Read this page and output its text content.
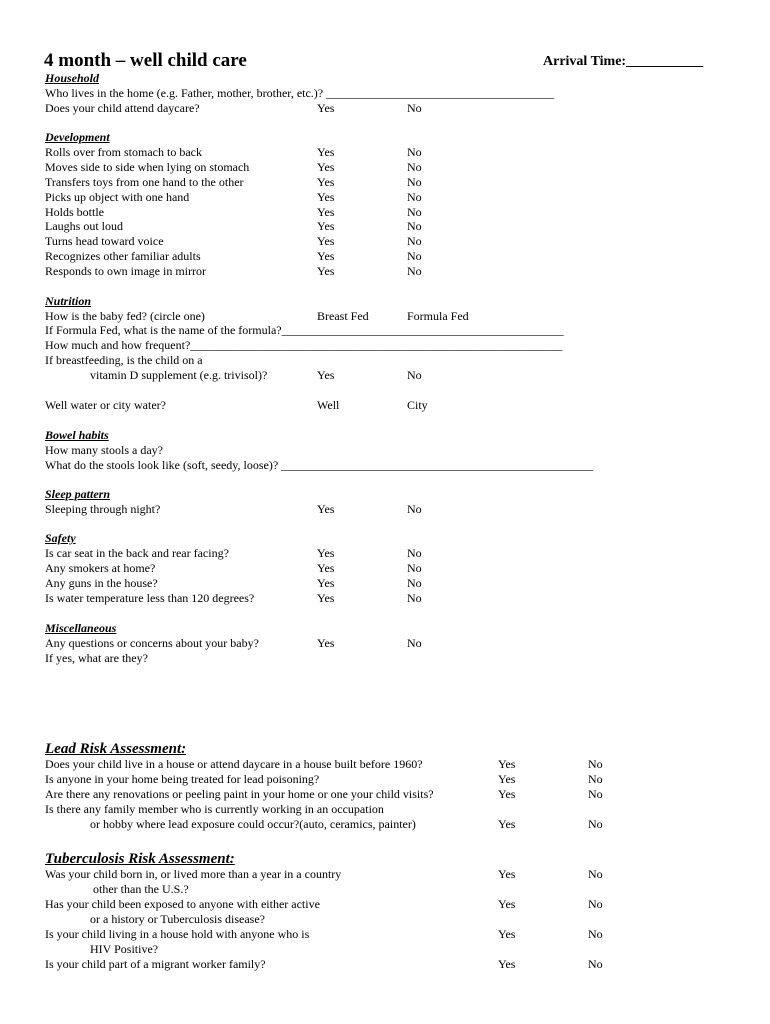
4 month – well child care	Arrival Time:___________
Household
Who lives in the home (e.g. Father, mother, brother, etc.)? ______________________________________
Does your child attend daycare?	Yes	No
Development
Rolls over from stomach to back	Yes	No
Moves side to side when lying on stomach	Yes	No
Transfers toys from one hand to the other	Yes	No
Picks up object with one hand	Yes	No
Holds bottle	Yes	No
Laughs out loud	Yes	No
Turns head toward voice	Yes	No
Recognizes other familiar adults	Yes	No
Responds to own image in mirror	Yes	No
Nutrition
How is the baby fed? (circle one)	Breast Fed	Formula Fed
If Formula Fed, what is the name of the formula?_______________________________________________
How much and how frequent?______________________________________________________________
If breastfeeding, is the child on a
vitamin D supplement (e.g. trivisol)?	Yes	No
Well water or city water?	Well	City
Bowel habits
How many stools a day?
What do the stools look like (soft, seedy, loose)? ____________________________________________________
Sleep pattern
Sleeping through night?	Yes	No
Safety
Is car seat in the back and rear facing?	Yes	No
Any smokers at home?	Yes	No
Any guns in the house?	Yes	No
Is water temperature less than 120 degrees?	Yes	No
Miscellaneous
Any questions or concerns about your baby?	Yes	No
If yes, what are they?
Lead Risk Assessment:
Does your child live in a house or attend daycare in a house built before 1960?	Yes	No
Is anyone in your home being treated for lead poisoning?	Yes	No
Are there any renovations or peeling paint in your home or one your child visits?	Yes	No
Is there any family member who is currently working in an occupation
or hobby where lead exposure could occur?(auto, ceramics, painter)	Yes	No
Tuberculosis Risk Assessment:
Was your child born in, or lived more than a year in a country	Yes	No
other than the U.S.?
Has your child been exposed to anyone with either active	Yes	No
or a history or Tuberculosis disease?
Is your child living in a house hold with anyone who is	Yes	No
HIV Positive?
Is your child part of a migrant worker family?	Yes	No
